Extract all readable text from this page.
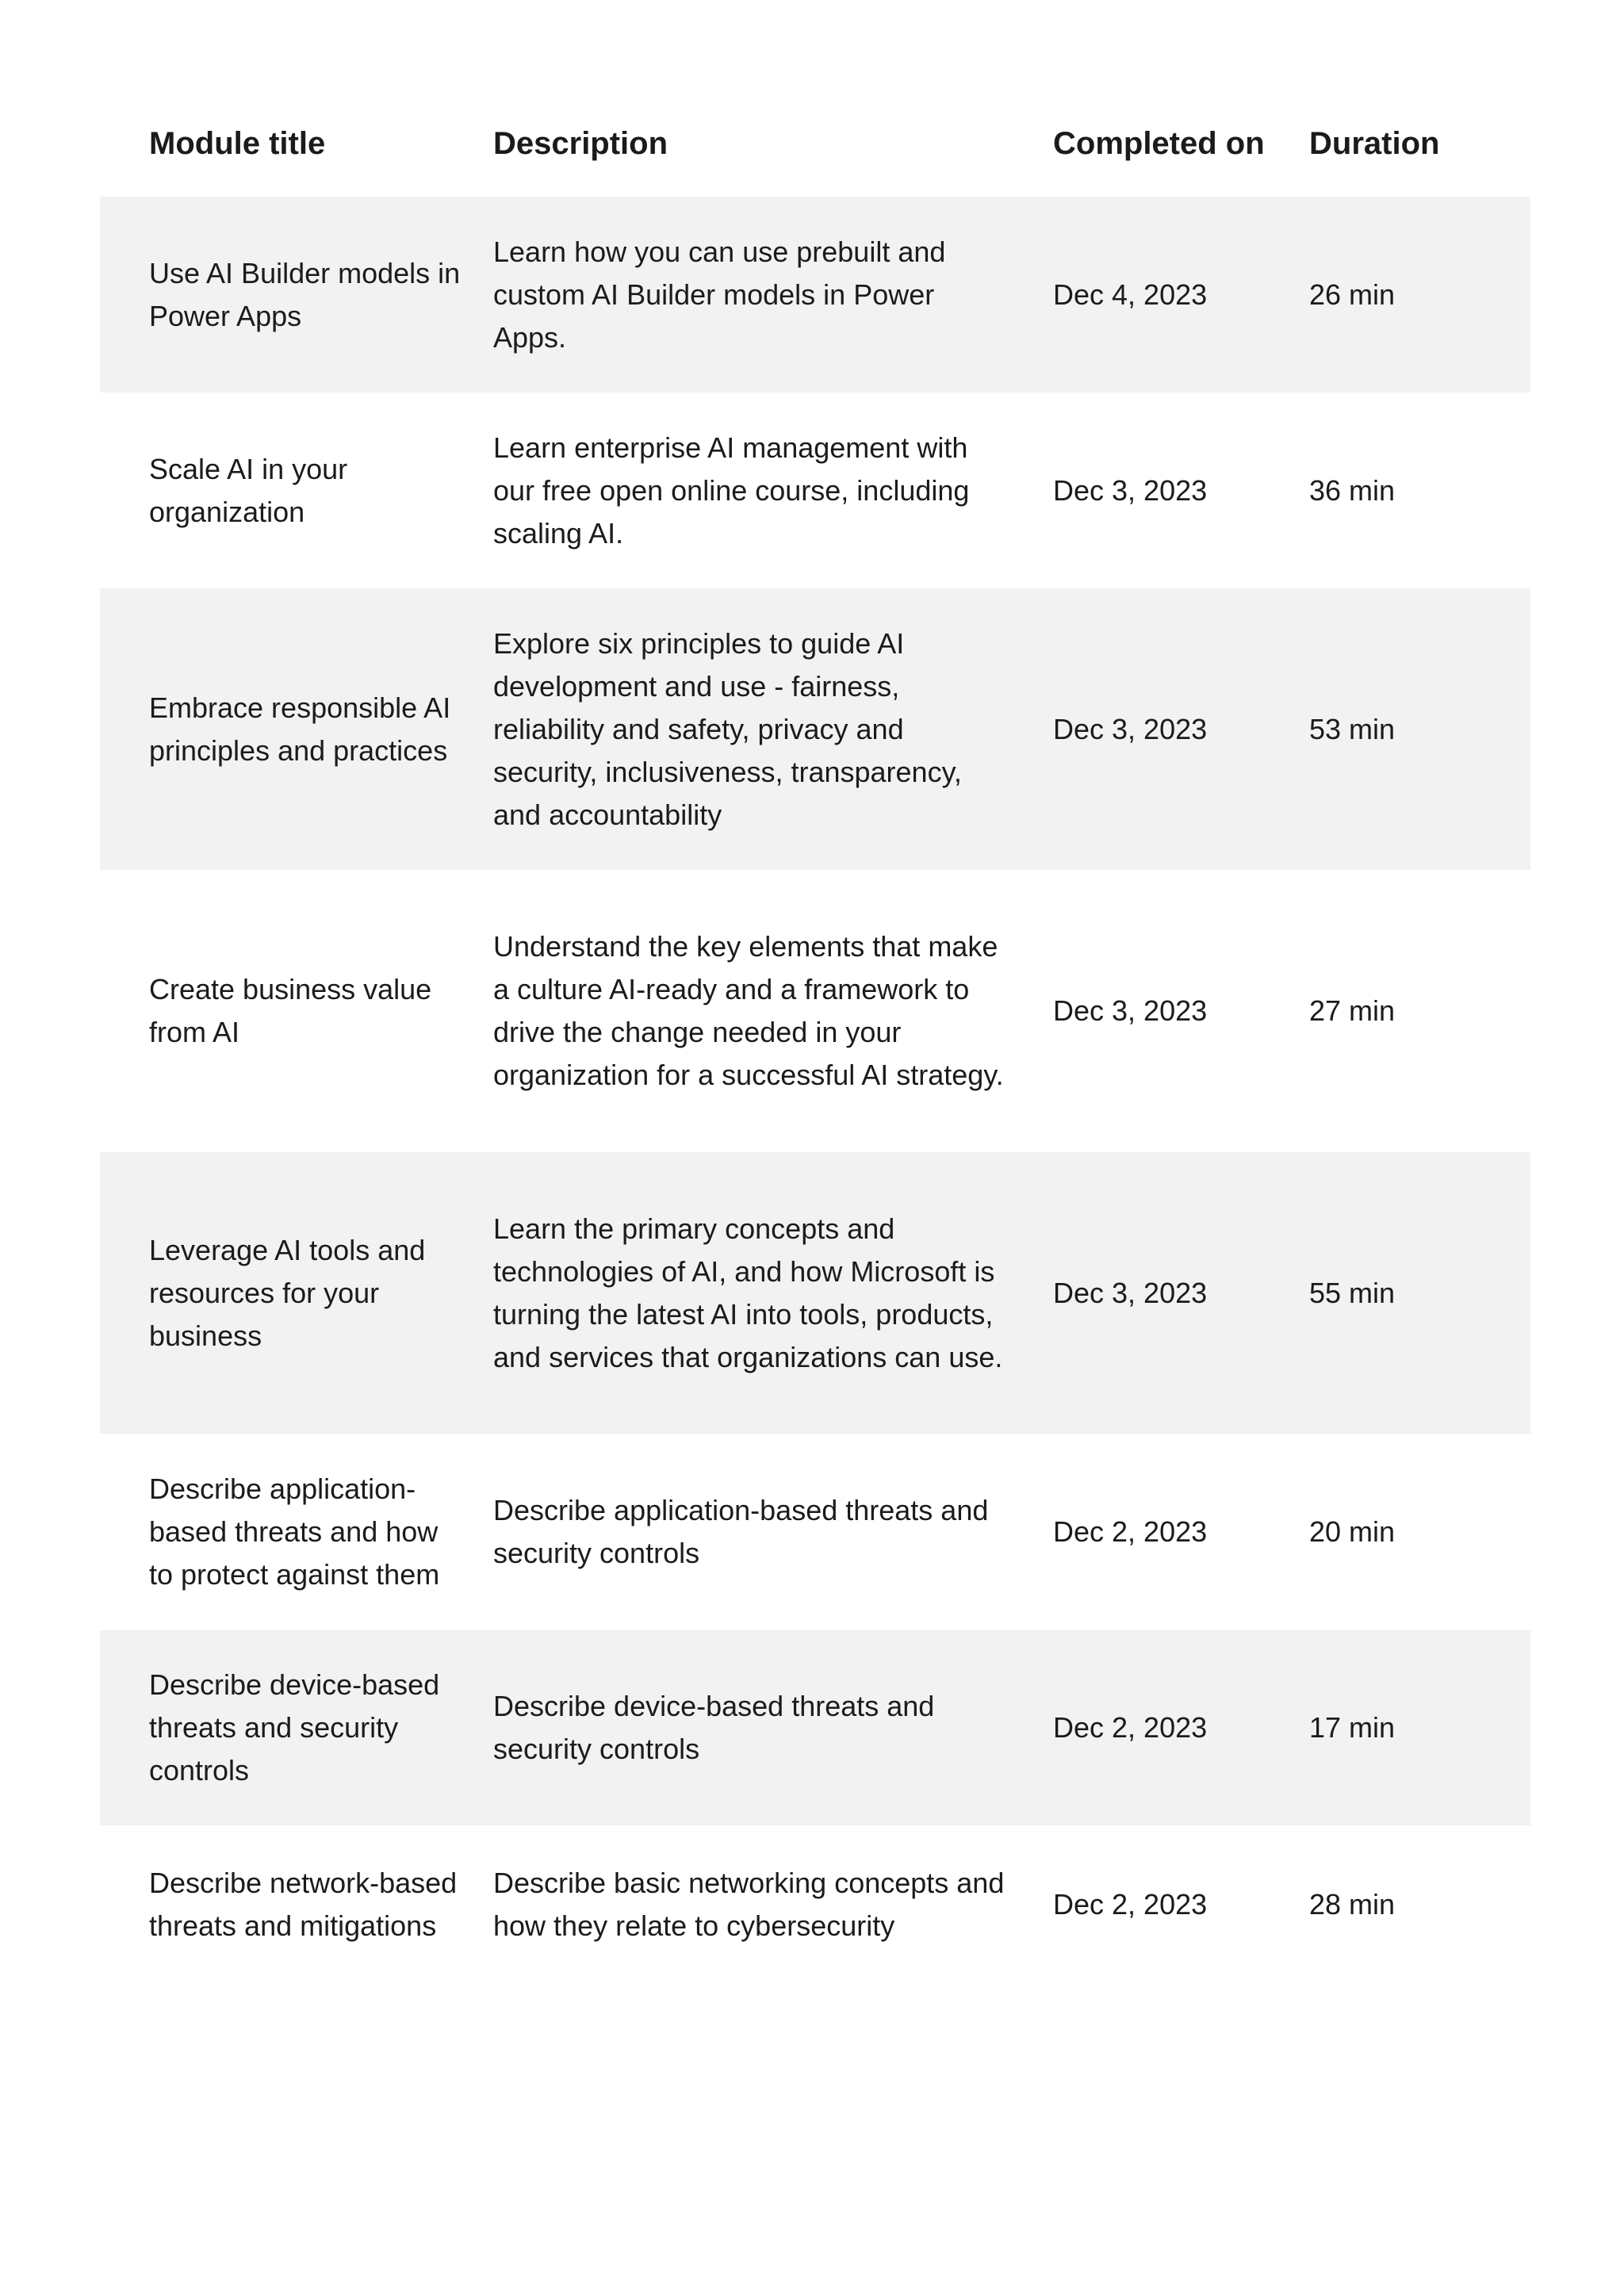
Module title	Description	Completed on	Duration
Use AI Builder models in Power Apps	Learn how you can use prebuilt and custom AI Builder models in Power Apps.	Dec 4, 2023	26 min
Scale AI in your organization	Learn enterprise AI management with our free open online course, including scaling AI.	Dec 3, 2023	36 min
Embrace responsible AI principles and practices	Explore six principles to guide AI development and use - fairness, reliability and safety, privacy and security, inclusiveness, transparency, and accountability	Dec 3, 2023	53 min
Create business value from AI	Understand the key elements that make a culture AI-ready and a framework to drive the change needed in your organization for a successful AI strategy.	Dec 3, 2023	27 min
Leverage AI tools and resources for your business	Learn the primary concepts and technologies of AI, and how Microsoft is turning the latest AI into tools, products, and services that organizations can use.	Dec 3, 2023	55 min
Describe application-based threats and how to protect against them	Describe application-based threats and security controls	Dec 2, 2023	20 min
Describe device-based threats and security controls	Describe device-based threats and security controls	Dec 2, 2023	17 min
Describe network-based threats and mitigations	Describe basic networking concepts and how they relate to cybersecurity	Dec 2, 2023	28 min
